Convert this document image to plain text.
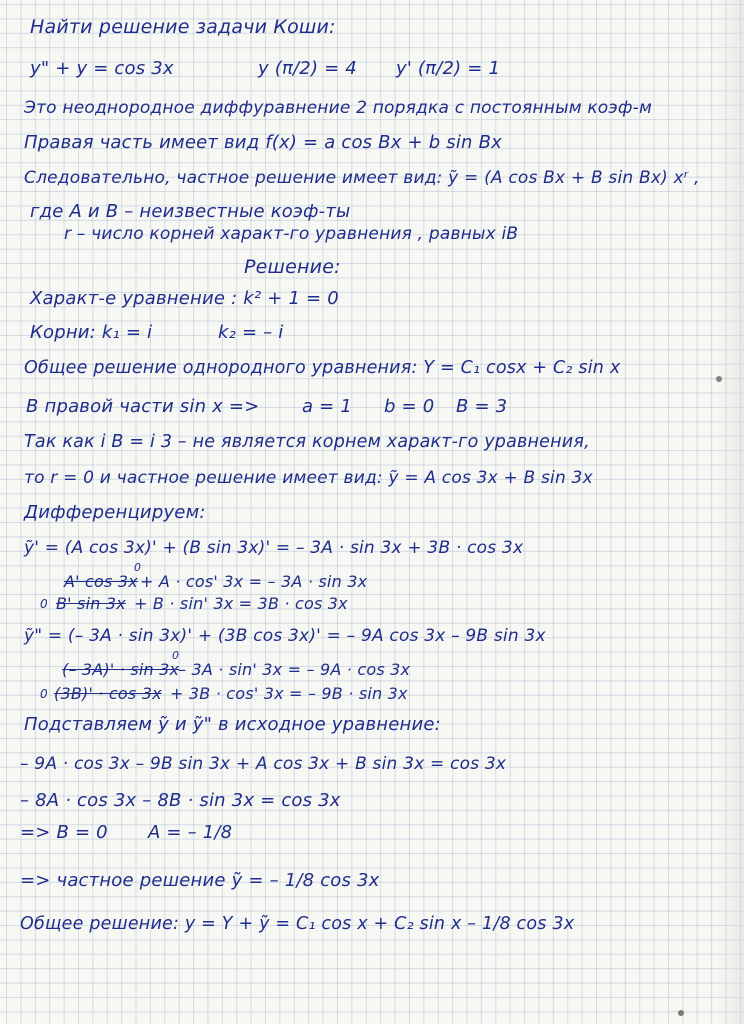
Найти решение задачи Коши:
y" + y = cos 3x	y (π/2) = 4 y' (π/2) = 1
Это неоднородное диффуравнение 2 порядка с постоянным коэф-м
Правая часть имеет вид f(x) = a cos Bx + b sin Bx
Следовательно, частное решение имеет вид: ỹ = (A cos Bx + B sin Bx) xʳ ,
где A и B – неизвестные коэф-ты
r – число корней характ-го уравнения , равных iB
Решение:
Характ-е уравнение : k² + 1 = 0
Корни: k₁ = i	k₂ = – i
Общее решение однородного уравнения: Y = C₁ cosx + C₂ sin x
В правой части sin x => a = 1 b = 0 B = 3
Так как i B = i 3 – не является корнем характ-го уравнения,
то r = 0 и частное решение имеет вид: ỹ = A cos 3x + B sin 3x
Дифференцируем:
ỹ' = (A cos 3x)' + (B sin 3x)' = – 3A · sin 3x + 3B · cos 3x
A' cos 3x
0
+ A · cos' 3x = – 3A · sin 3x
0 B' sin 3x + B · sin' 3x = 3B · cos 3x
ỹ" = (– 3A · sin 3x)' + (3B cos 3x)' = – 9A cos 3x – 9B sin 3x
(– 3A)' · sin 3x
0
– 3A · sin' 3x = – 9A · cos 3x
0 (3B)' · cos 3x + 3B · cos' 3x = – 9B · sin 3x
Подставляем ỹ и ỹ" в исходное уравнение:
– 9A · cos 3x – 9B sin 3x + A cos 3x + B sin 3x = cos 3x
– 8A · cos 3x – 8B · sin 3x = cos 3x
=> B = 0 A = – 1/8
=> частное решение ỹ = – 1/8 cos 3x
Общее решение: y = Y + ỹ = C₁ cos x + C₂ sin x – 1/8 cos 3x
